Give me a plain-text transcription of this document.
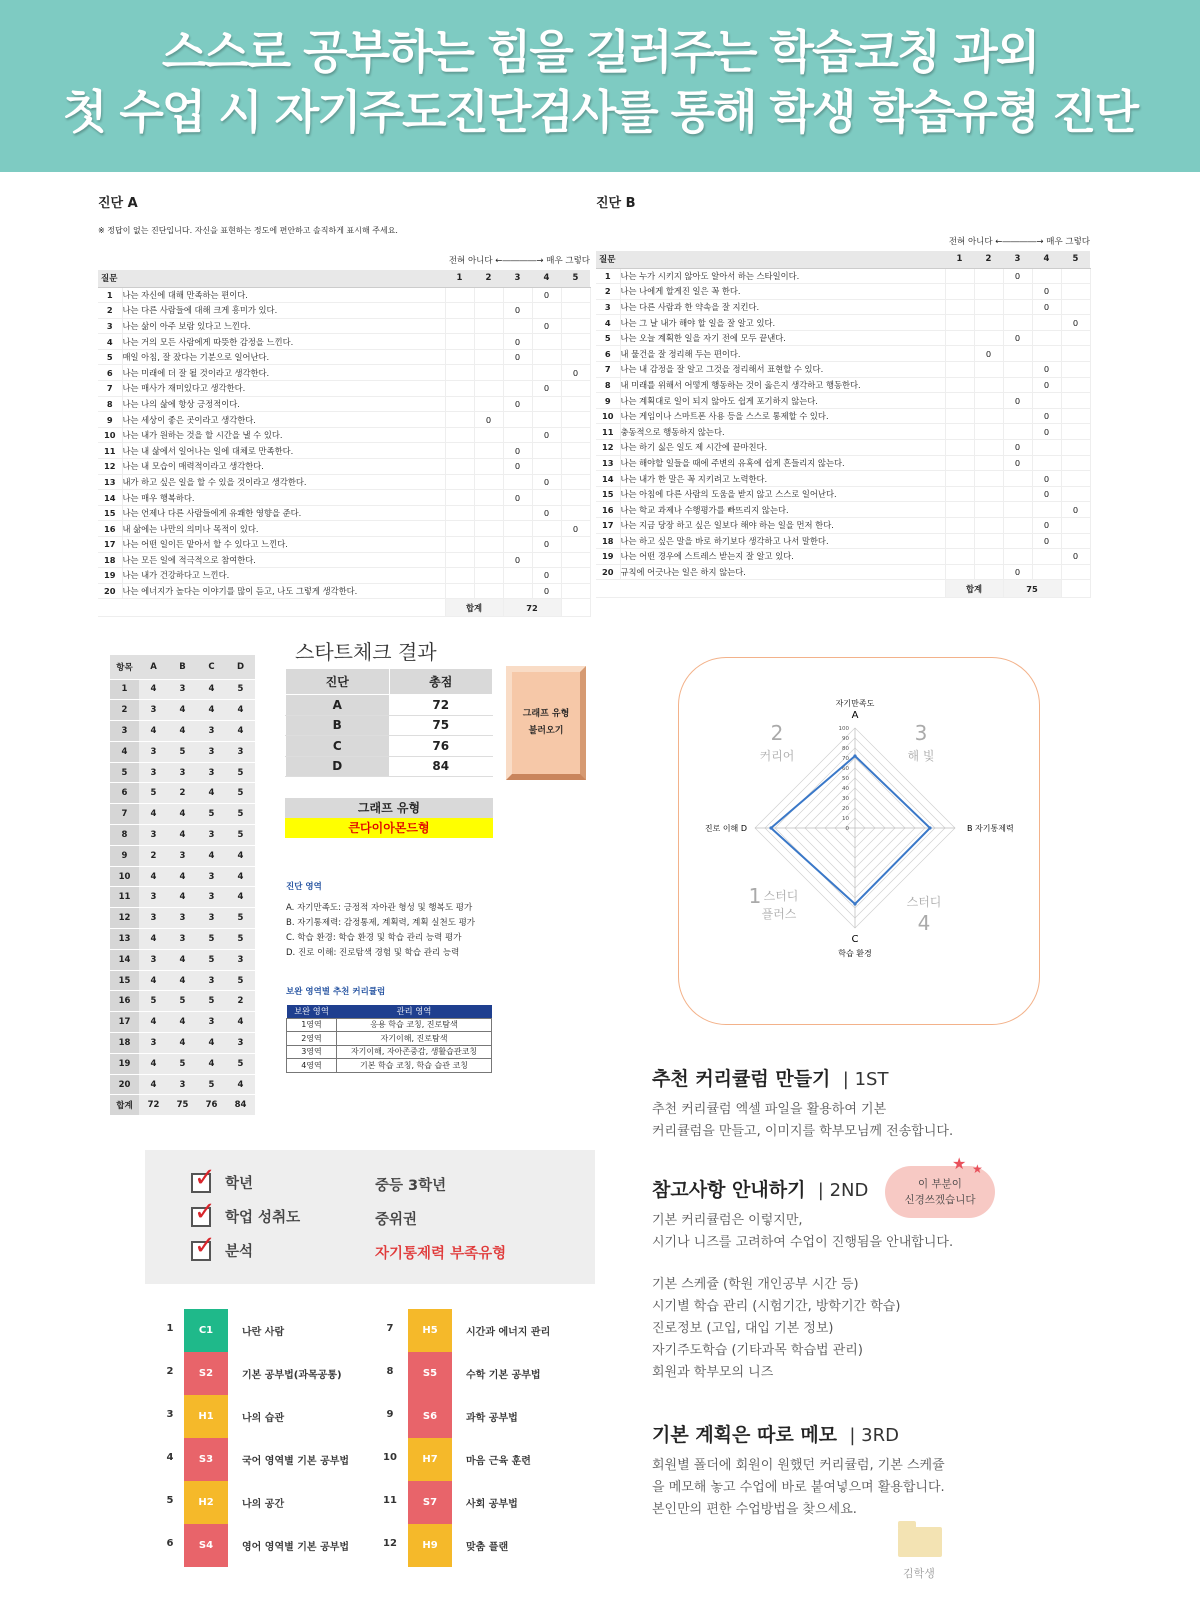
스스로 공부하는 힘을 길러주는 학습코칭 과외
첫 수업 시 자기주도진단검사를 통해 학생 학습유형 진단
진단 A
※ 정답이 없는 진단입니다. 자신을 표현하는 정도에 편안하고 솔직하게 표시해 주세요.
전혀 아니다 ←――――→ 매우 그렇다
질문		1	2	3	4	5
1	나는 자신에 대해 만족하는 편이다.				0	
2	나는 다른 사람들에 대해 크게 흥미가 있다.			0		
3	나는 삶이 아주 보람 있다고 느낀다.				0	
4	나는 거의 모든 사람에게 따뜻한 감정을 느낀다.			0		
5	매일 아침, 잘 잤다는 기분으로 일어난다.			0		
6	나는 미래에 더 잘 될 것이라고 생각한다.					0
7	나는 매사가 재미있다고 생각한다.				0	
8	나는 나의 삶에 항상 긍정적이다.			0		
9	나는 세상이 좋은 곳이라고 생각한다.		0			
10	나는 내가 원하는 것을 할 시간을 낼 수 있다.				0	
11	나는 내 삶에서 일어나는 일에 대체로 만족한다.			0		
12	나는 내 모습이 매력적이라고 생각한다.			0		
13	내가 하고 싶은 일을 할 수 있을 것이라고 생각한다.				0	
14	나는 매우 행복하다.			0		
15	나는 언제나 다른 사람들에게 유쾌한 영향을 준다.				0	
16	내 삶에는 나만의 의미나 목적이 있다.					0
17	나는 어떤 일이든 맡아서 할 수 있다고 느낀다.				0	
18	나는 모든 일에 적극적으로 참여한다.			0		
19	나는 내가 건강하다고 느낀다.				0	
20	나는 에너지가 높다는 이야기를 많이 듣고, 나도 그렇게 생각한다.				0	
		합계		72		
진단 B
전혀 아니다 ←――――→ 매우 그렇다
질문		1	2	3	4	5
1	나는 누가 시키지 않아도 알아서 하는 스타일이다.			0		
2	나는 나에게 할게진 일은 꼭 한다.				0	
3	나는 다른 사람과 한 약속을 잘 지킨다.				0	
4	나는 그 날 내가 해야 할 일을 잘 알고 있다.					0
5	나는 오늘 계획한 일을 자기 전에 모두 끝낸다.			0		
6	내 물건을 잘 정리해 두는 편이다.		0			
7	나는 내 감정을 잘 알고 그것을 정리해서 표현할 수 있다.				0	
8	내 미래를 위해서 어떻게 행동하는 것이 옳은지 생각하고 행동한다.				0	
9	나는 계획대로 일이 되지 않아도 쉽게 포기하지 않는다.			0		
10	나는 게임이나 스마트폰 사용 등을 스스로 통제할 수 있다.				0	
11	충동적으로 행동하지 않는다.				0	
12	나는 하기 싫은 일도 제 시간에 끝마친다.			0		
13	나는 해야할 일들을 때에 주변의 유혹에 쉽게 흔들리지 않는다.			0		
14	나는 내가 한 말은 꼭 지키려고 노력한다.				0	
15	나는 아침에 다른 사람의 도움을 받지 않고 스스로 일어난다.				0	
16	나는 학교 과제나 수행평가를 빠뜨리지 않는다.					0
17	나는 지금 당장 하고 싶은 일보다 해야 하는 일을 먼저 한다.				0	
18	나는 하고 싶은 말을 바로 하기보다 생각하고 나서 말한다.				0	
19	나는 어떤 경우에 스트레스 받는지 잘 알고 있다.					0
20	규칙에 어긋나는 일은 하지 않는다.			0		
		합계		75		
항목	A	B	C	D
1	4	3	4	5
2	3	4	4	4
3	4	4	3	4
4	3	5	3	3
5	3	3	3	5
6	5	2	4	5
7	4	4	5	5
8	3	4	3	5
9	2	3	4	4
10	4	4	3	4
11	3	4	3	4
12	3	3	3	5
13	4	3	5	5
14	3	4	5	3
15	4	4	3	5
16	5	5	5	2
17	4	4	3	4
18	3	4	4	3
19	4	5	4	5
20	4	3	5	4
합계	72	75	76	84
스타트체크 결과
진단	총점
A	72
B	75
C	76
D	84
그래프 유형
불러오기
그래프 유형
큰다이아몬드형
진단 영역
A. 자기만족도: 긍정적 자아관 형성 및 행복도 평가
B. 자기통제력: 감정통제, 계획력, 계획 실천도 평가
C. 학습 환경: 학습 환경 및 학습 관리 능력 평가
D. 진로 이해: 진로탐색 경험 및 학습 관리 능력
보완 영역별 추천 커리큘럼
보완 영역	관리 영역
1영역	응용 학습 코칭, 진로탐색
2영역	자기이해, 진로탐색
3영역	자기이해, 자아존중감, 생활습관코칭
4영역	기본 학습 코칭, 학습 습관 코칭
100
90
80
70
60
50
40
30
20
10
0
자기만족도
A
B 자기통제력
C
학습 환경
진로 이해 D
2
커리어
3
해 빛
1 스터디
플러스
스터디
4
✓
학년	중등 3학년
✓
학업 성취도	중위권
✓
분석	자기통제력 부족유형
1	C1	나란 사람
2	S2	기본 공부법(과목공통)
3	H1	나의 습관
4	S3	국어 영역별 기본 공부법
5	H2	나의 공간
6	S4	영어 영역별 기본 공부법
7	H5	시간과 에너지 관리
8	S5	수학 기본 공부법
9	S6	과학 공부법
10	H7	마음 근육 훈련
11	S7	사회 공부법
12	H9	맞춤 플랜
추천 커리큘럼 만들기  | 1ST
추천 커리큘럼 엑셀 파일을 활용하여 기본
커리큘럼을 만들고, 이미지를 학부모님께 전송합니다.
참고사항 안내하기  | 2ND
기본 커리큘럼은 이렇지만,
시기나 니즈를 고려하여 수업이 진행됨을 안내합니다.
기본 스케쥴 (학원 개인공부 시간 등)
시기별 학습 관리 (시험기간, 방학기간 학습)
진로정보 (고입, 대입 기본 정보)
자기주도학습 (기타과목 학습법 관리)
회원과 학부모의 니즈
이 부분이
신경쓰겠습니다
★ ★
기본 계획은 따로 메모  | 3RD
회원별 폴더에 회원이 원했던 커리큘럼, 기본 스케쥴
을 메모해 놓고 수업에 바로 붙여넣으며 활용합니다.
본인만의 편한 수업방법을 찾으세요.
김학생
